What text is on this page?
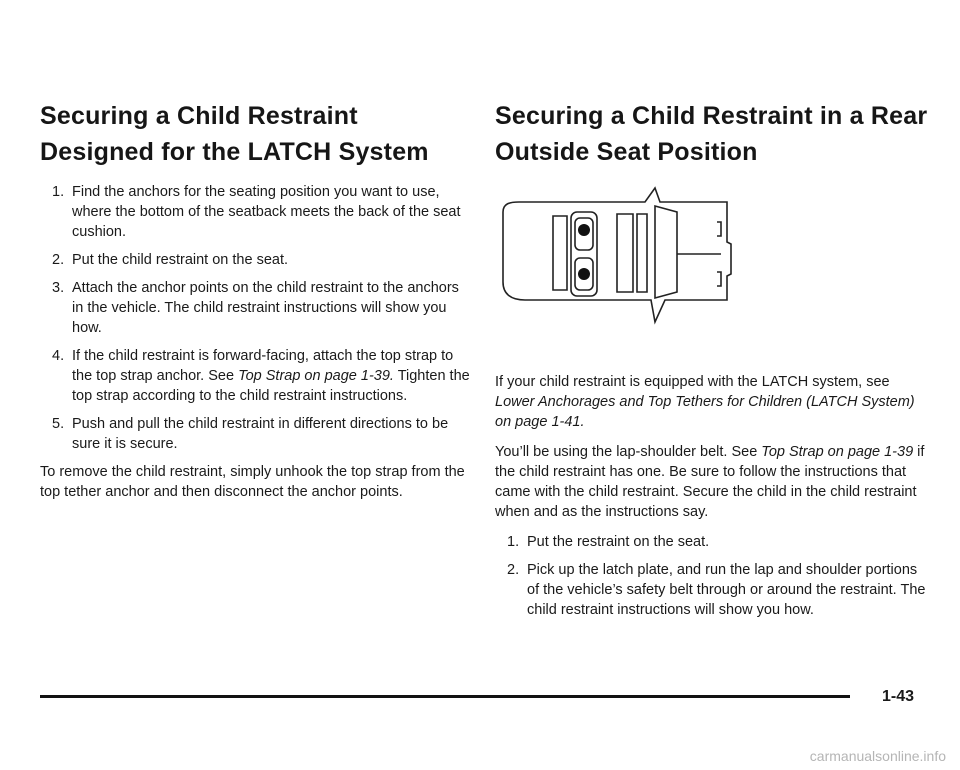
Securing a Child Restraint Designed for the LATCH System
1. Find the anchors for the seating position you want to use, where the bottom of the seatback meets the back of the seat cushion.
2. Put the child restraint on the seat.
3. Attach the anchor points on the child restraint to the anchors in the vehicle. The child restraint instructions will show you how.
4. If the child restraint is forward-facing, attach the top strap to the top strap anchor. See Top Strap on page 1-39. Tighten the top strap according to the child restraint instructions.
5. Push and pull the child restraint in different directions to be sure it is secure.

To remove the child restraint, simply unhook the top strap from the top tether anchor and then disconnect the anchor points.

Securing a Child Restraint in a Rear Outside Seat Position

If your child restraint is equipped with the LATCH system, see Lower Anchorages and Top Tethers for Children (LATCH System) on page 1-41.

You’ll be using the lap-shoulder belt. See Top Strap on page 1-39 if the child restraint has one. Be sure to follow the instructions that came with the child restraint. Secure the child in the child restraint when and as the instructions say.

1. Put the restraint on the seat.
2. Pick up the latch plate, and run the lap and shoulder portions of the vehicle’s safety belt through or around the restraint. The child restraint instructions will show you how.
1-43
carmanualsonline.info
